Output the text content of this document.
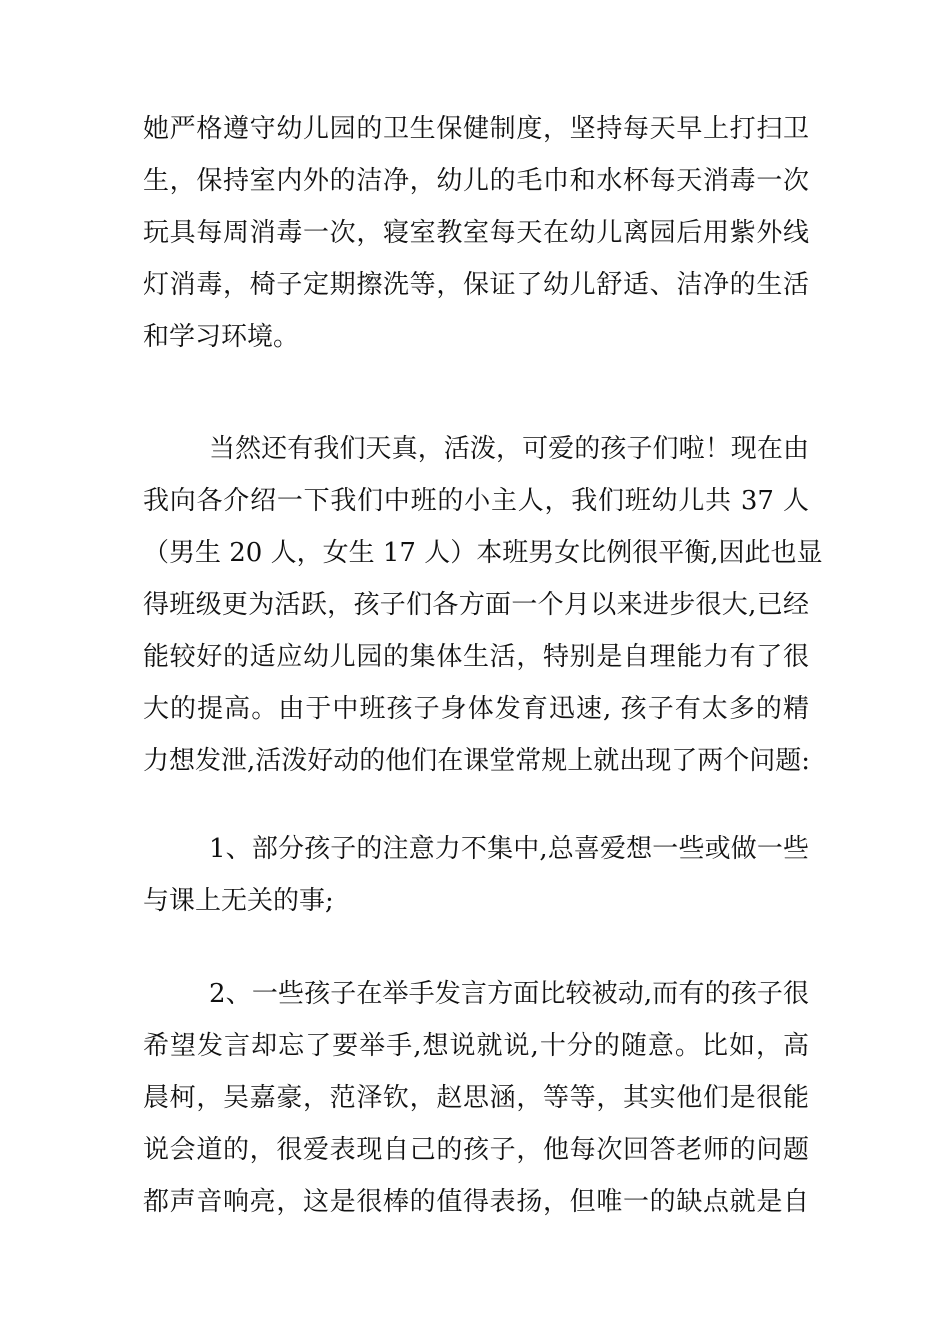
她严格遵守幼儿园的卫生保健制度，坚持每天早上打扫卫
生，保持室内外的洁净，幼儿的毛巾和水杯每天消毒一次
玩具每周消毒一次，寝室教室每天在幼儿离园后用紫外线
灯消毒，椅子定期擦洗等，保证了幼儿舒适、洁净的生活
和学习环境。

当然还有我们天真，活泼，可爱的孩子们啦！现在由
我向各介绍一下我们中班的小主人，我们班幼儿共 37 人
（男生 20 人，女生 17 人）本班男女比例很平衡,因此也显
得班级更为活跃，孩子们各方面一个月以来进步很大,已经
能较好的适应幼儿园的集体生活，特别是自理能力有了很
大的提高。由于中班孩子身体发育迅速, 孩子有太多的精
力想发泄,活泼好动的他们在课堂常规上就出现了两个问题:

1、部分孩子的注意力不集中,总喜爱想一些或做一些
与课上无关的事;

2、一些孩子在举手发言方面比较被动,而有的孩子很
希望发言却忘了要举手,想说就说,十分的随意。比如，高
晨柯，吴嘉豪，范泽钦，赵思涵，等等，其实他们是很能
说会道的，很爱表现自己的孩子，他每次回答老师的问题
都声音响亮，这是很棒的值得表扬，但唯一的缺点就是自
